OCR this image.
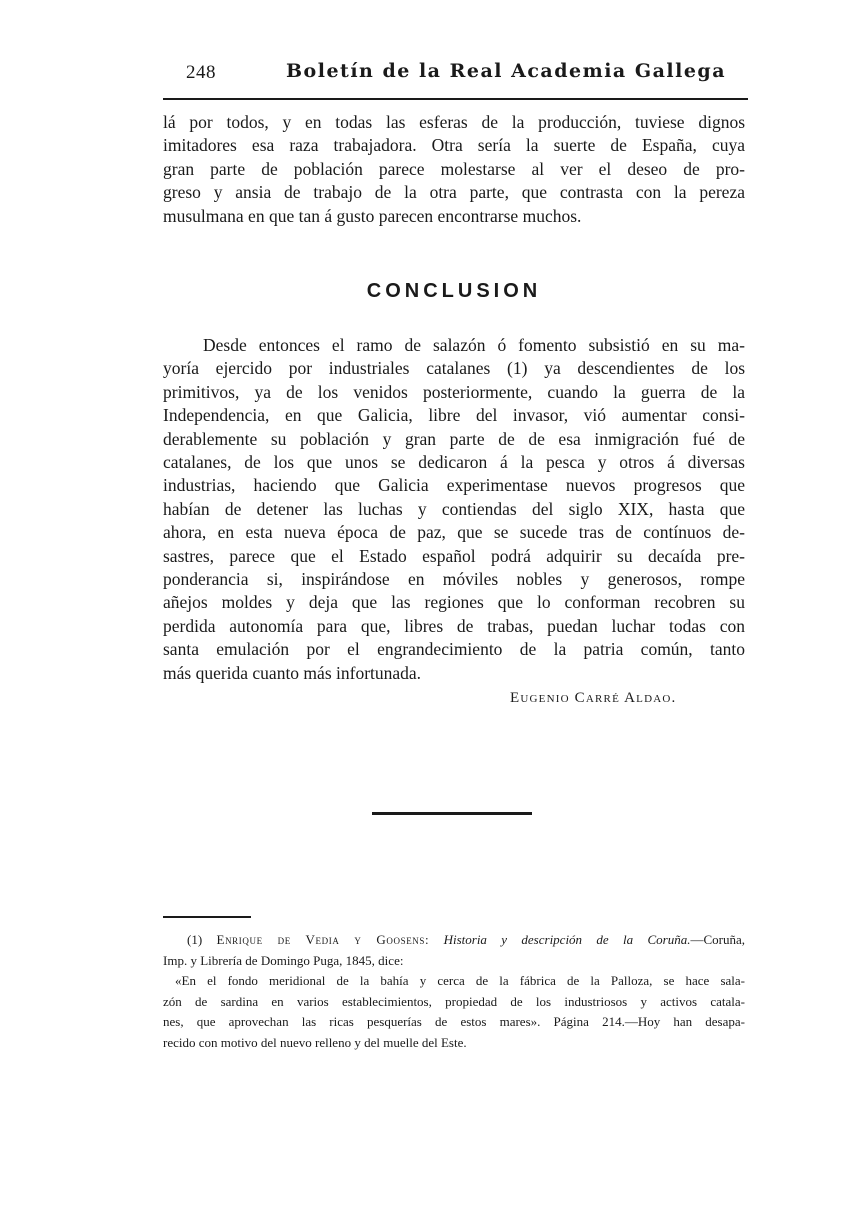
248	Boletín de la Real Academia Gallega
lá por todos, y en todas las esferas de la producción, tuviese dignos
imitadores esa raza trabajadora. Otra sería la suerte de España, cuya
gran parte de población parece molestarse al ver el deseo de pro-
greso y ansia de trabajo de la otra parte, que contrasta con la pereza
musulmana en que tan á gusto parecen encontrarse muchos.
CONCLUSION
Desde entonces el ramo de salazón ó fomento subsistió en su ma-
yoría ejercido por industriales catalanes (1) ya descendientes de los
primitivos, ya de los venidos posteriormente, cuando la guerra de la
Independencia, en que Galicia, libre del invasor, vió aumentar consi-
derablemente su población y gran parte de de esa inmigración fué de
catalanes, de los que unos se dedicaron á la pesca y otros á diversas
industrias, haciendo que Galicia experimentase nuevos progresos que
habían de detener las luchas y contiendas del siglo XIX, hasta que
ahora, en esta nueva época de paz, que se sucede tras de contínuos de-
sastres, parece que el Estado español podrá adquirir su decaída pre-
ponderancia si, inspirándose en móviles nobles y generosos, rompe
añejos moldes y deja que las regiones que lo conforman recobren su
perdida autonomía para que, libres de trabas, puedan luchar todas con
santa emulación por el engrandecimiento de la patria común, tanto
más querida cuanto más infortunada.
Eugenio Carré Aldao.
(1) Enrique de Vedia y Goosens: Historia y descripción de la Coruña.—Coruña,
Imp. y Librería de Domingo Puga, 1845, dice:
«En el fondo meridional de la bahía y cerca de la fábrica de la Palloza, se hace sala-
zón de sardina en varios establecimientos, propiedad de los industriosos y activos catala-
nes, que aprovechan las ricas pesquerías de estos mares». Página 214.—Hoy han desapa-
recido con motivo del nuevo relleno y del muelle del Este.
